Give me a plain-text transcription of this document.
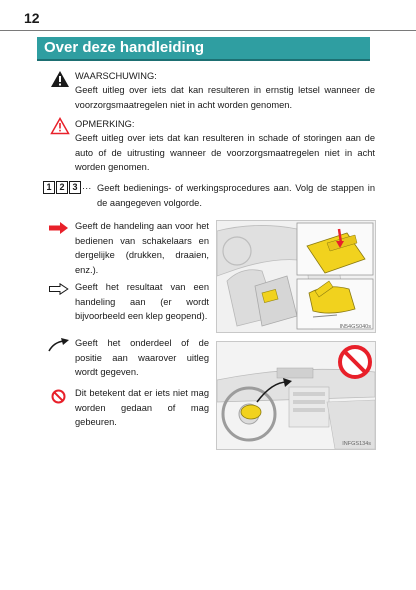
12
Over deze handleiding
WAARSCHUWING:
Geeft uitleg over iets dat kan resulteren in ernstig letsel wanneer de voorzorgsmaatregelen niet in acht worden genomen.
OPMERKING:
Geeft uitleg over iets dat kan resulteren in schade of storingen aan de auto of de uitrusting wanneer de voorzorgsmaatregelen niet in acht worden genomen.
1 2 3 ··· Geeft bedienings- of werkingsprocedures aan. Volg de stappen in de aangegeven volgorde.
Geeft de handeling aan voor het bedienen van schakelaars en dergelijke (drukken, draaien, enz.).
Geeft het resultaat van een handeling aan (er wordt bijvoorbeeld een klep geopend).
IN54GS040s
Geeft het onderdeel of de positie aan waarover uitleg wordt gegeven.
Dit betekent dat er iets niet mag worden gedaan of mag gebeuren.
INFGS134s
